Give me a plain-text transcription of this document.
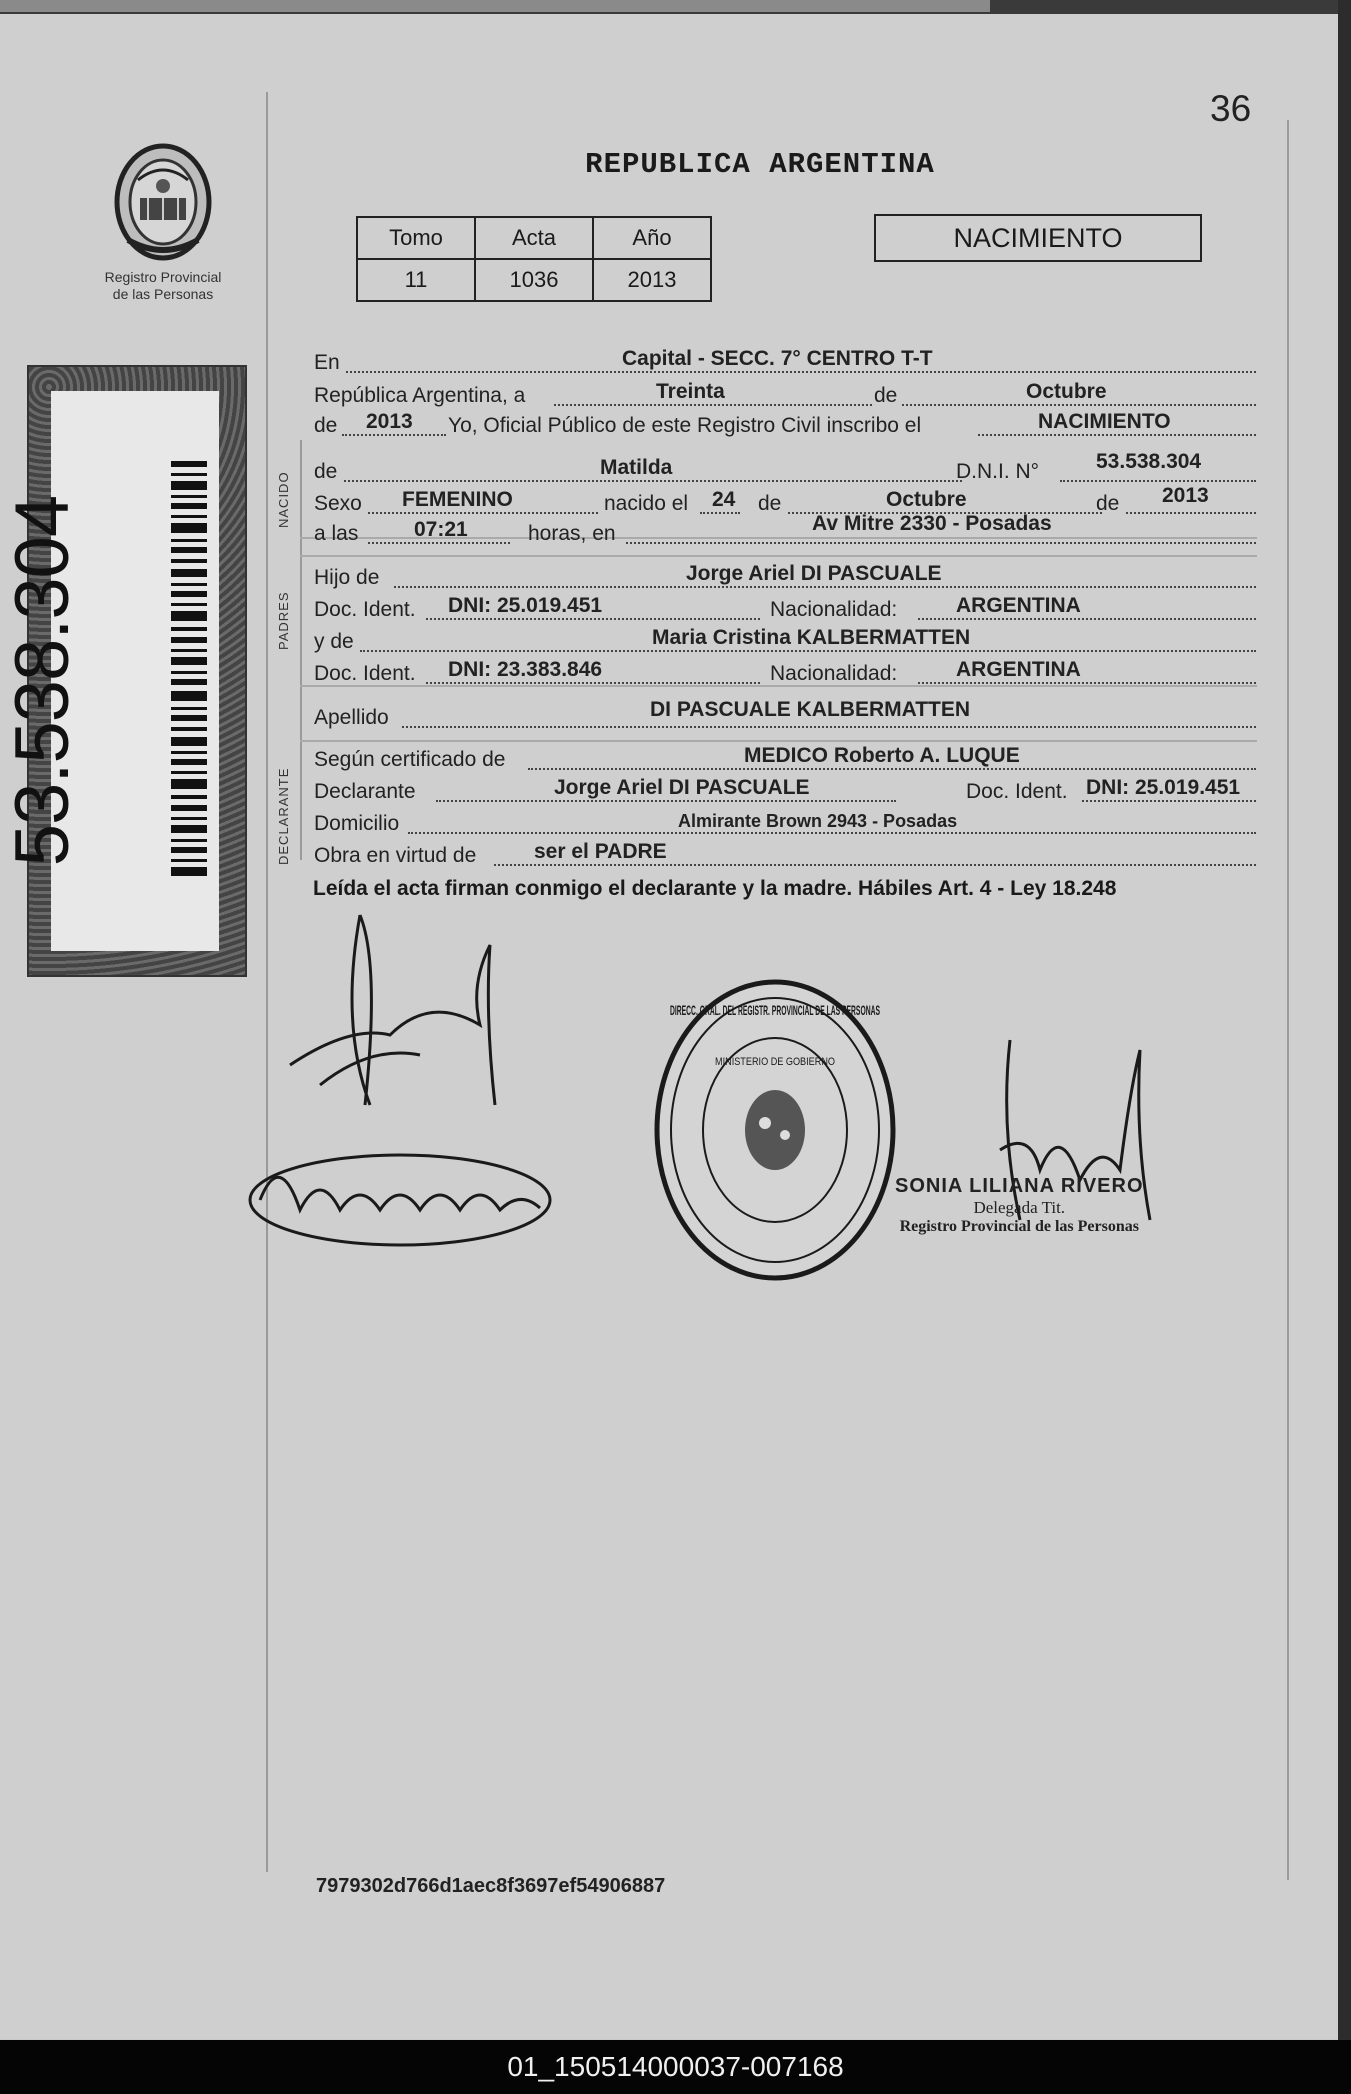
36
Registro Provincial
de las Personas
REPUBLICA ARGENTINA
Tomo	Acta	Año
11	1036	2013
NACIMIENTO
53.538.304	NACIDO
PADRES
DECLARANTE
En	Capital - SECC. 7° CENTRO T-T
República Argentina, a	Treinta	de	Octubre
de 2013 Yo, Oficial Público de este Registro Civil inscribo el	NACIMIENTO
de	Matilda	D.N.I. N°	53.538.304
Sexo FEMENINO	nacido el 24 de	Octubre	de 2013
a las	07:21	horas, en	Av Mitre 2330 - Posadas
Hijo de	Jorge Ariel DI PASCUALE
Doc. Ident. DNI: 25.019.451	Nacionalidad:	ARGENTINA
y de	Maria Cristina KALBERMATTEN
Doc. Ident. DNI: 23.383.846	Nacionalidad:	ARGENTINA
Apellido	DI PASCUALE KALBERMATTEN
Según certificado de	MEDICO Roberto A. LUQUE
Declarante	Jorge Ariel DI PASCUALE	Doc. Ident. DNI: 25.019.451
Domicilio	Almirante Brown 2943 - Posadas
Obra en virtud de	ser el PADRE
Leída el acta firman conmigo el declarante y la madre. Hábiles Art. 4 - Ley 18.248
DIRECC. GRAL. DEL REGISTR. PROVINCIAL DE LAS PERSONAS
MINISTERIO DE GOBIERNO
SONIA LILIANA RIVERO
Delegada Tit.
Registro Provincial de las Personas
7979302d766d1aec8f3697ef54906887
01_150514000037-007168
